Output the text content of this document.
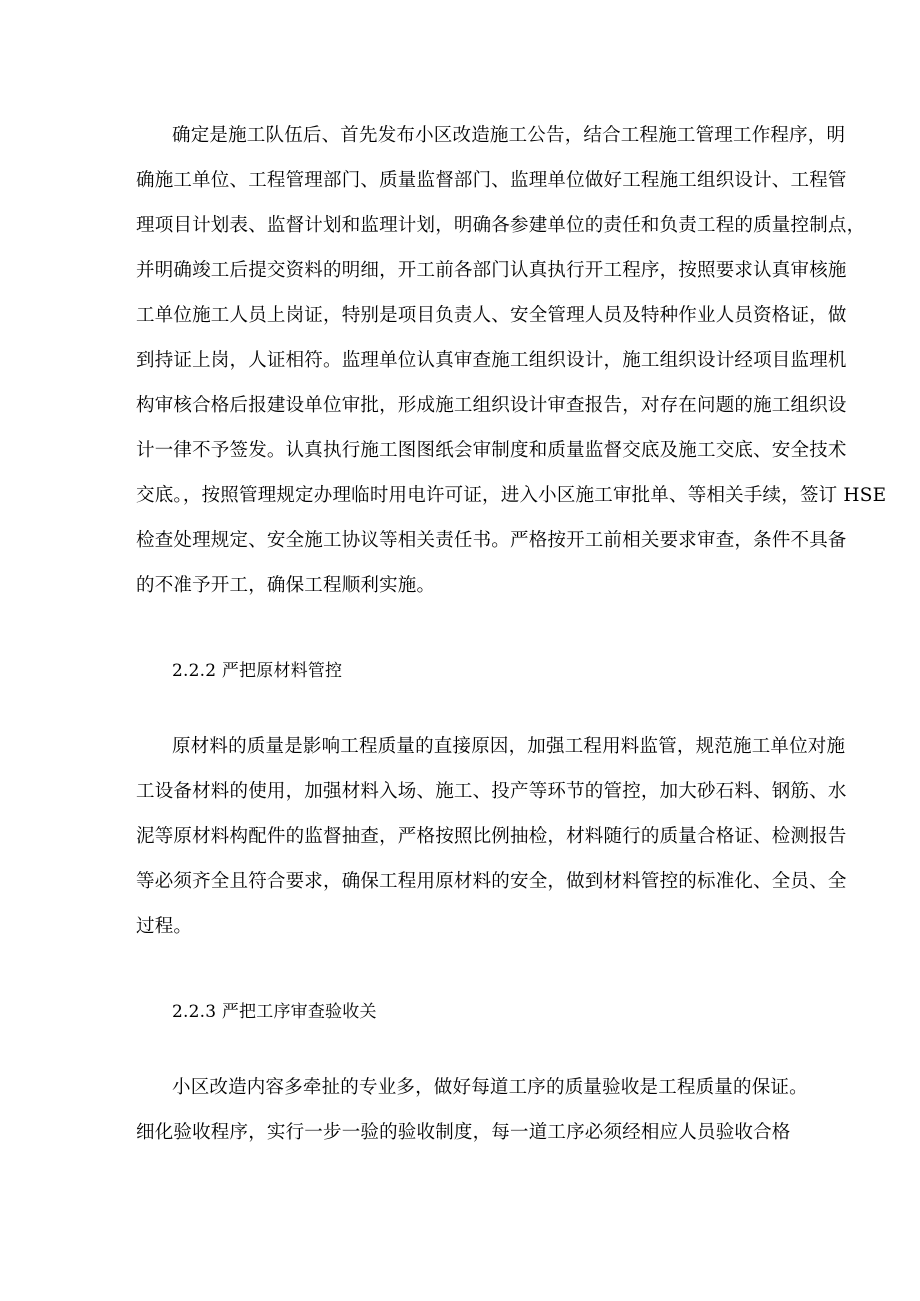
确定是施工队伍后、首先发布小区改造施工公告，结合工程施工管理工作程序，明
确施工单位、工程管理部门、质量监督部门、监理单位做好工程施工组织设计、工程管
理项目计划表、监督计划和监理计划，明确各参建单位的责任和负责工程的质量控制点，
并明确竣工后提交资料的明细，开工前各部门认真执行开工程序，按照要求认真审核施
工单位施工人员上岗证，特别是项目负责人、安全管理人员及特种作业人员资格证，做
到持证上岗，人证相符。监理单位认真审查施工组织设计，施工组织设计经项目监理机
构审核合格后报建设单位审批，形成施工组织设计审查报告，对存在问题的施工组织设
计一律不予签发。认真执行施工图图纸会审制度和质量监督交底及施工交底、安全技术
交底。，按照管理规定办理临时用电许可证，进入小区施工审批单、等相关手续，签订 HSE
检查处理规定、安全施工协议等相关责任书。严格按开工前相关要求审查，条件不具备
的不准予开工，确保工程顺利实施。
2.2.2 严把原材料管控
原材料的质量是影响工程质量的直接原因，加强工程用料监管，规范施工单位对施
工设备材料的使用，加强材料入场、施工、投产等环节的管控，加大砂石料、钢筋、水
泥等原材料构配件的监督抽查，严格按照比例抽检，材料随行的质量合格证、检测报告
等必须齐全且符合要求，确保工程用原材料的安全，做到材料管控的标准化、全员、全
过程。
2.2.3 严把工序审查验收关
小区改造内容多牵扯的专业多，做好每道工序的质量验收是工程质量的保证。
细化验收程序，实行一步一验的验收制度，每一道工序必须经相应人员验收合格
